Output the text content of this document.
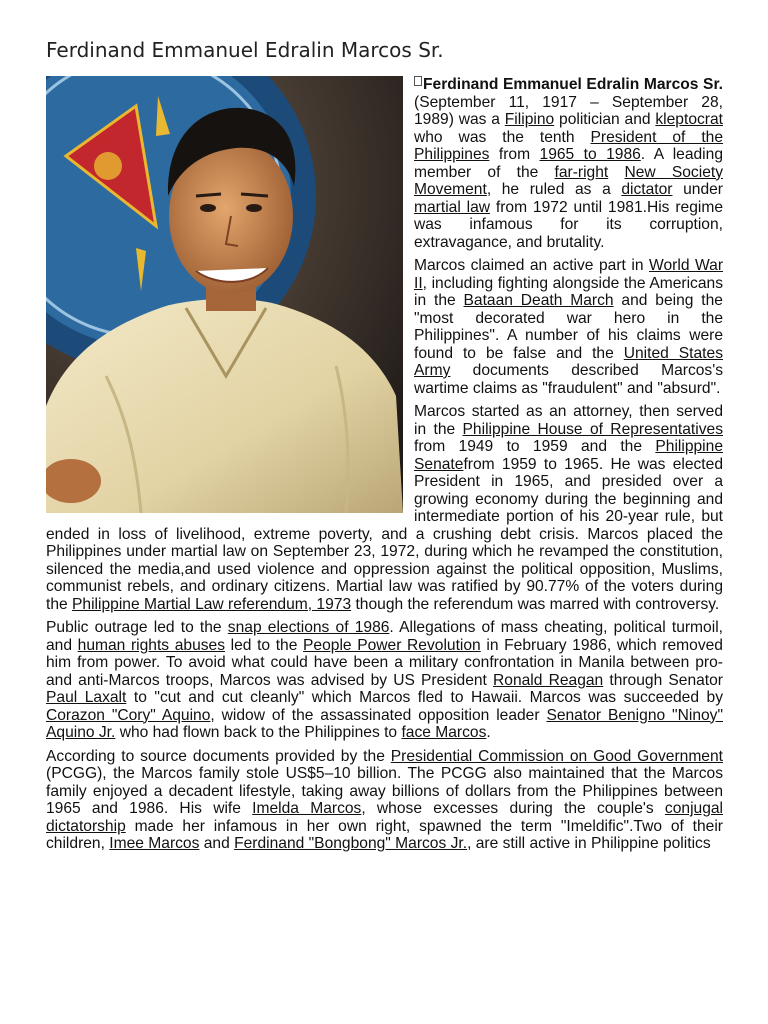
Ferdinand Emmanuel Edralin Marcos Sr.

Ferdinand Emmanuel Edralin Marcos Sr. (September 11, 1917 – September 28, 1989) was a Filipino politician and kleptocrat who was the tenth President of the Philippines from 1965 to 1986. A leading member of the far-right New Society Movement, he ruled as a dictator under martial law from 1972 until 1981.His regime was infamous for its corruption, extravagance, and brutality.

Marcos claimed an active part in World War II, including fighting alongside the Americans in the Bataan Death March and being the "most decorated war hero in the Philippines". A number of his claims were found to be false and the United States Army documents described Marcos's wartime claims as "fraudulent" and "absurd".

Marcos started as an attorney, then served in the Philippine House of Representatives from 1949 to 1959 and the Philippine Senatefrom 1959 to 1965. He was elected President in 1965, and presided over a growing economy during the beginning and intermediate portion of his 20-year rule, but ended in loss of livelihood, extreme poverty, and a crushing debt crisis. Marcos placed the Philippines under martial law on September 23, 1972, during which he revamped the constitution, silenced the media,and used violence and oppression against the political opposition, Muslims, communist rebels, and ordinary citizens. Martial law was ratified by 90.77% of the voters during the Philippine Martial Law referendum, 1973 though the referendum was marred with controversy.

Public outrage led to the snap elections of 1986. Allegations of mass cheating, political turmoil, and human rights abuses led to the People Power Revolution in February 1986, which removed him from power. To avoid what could have been a military confrontation in Manila between pro- and anti-Marcos troops, Marcos was advised by US President Ronald Reagan through Senator Paul Laxalt to "cut and cut cleanly" which Marcos fled to Hawaii. Marcos was succeeded by Corazon "Cory" Aquino, widow of the assassinated opposition leader Senator Benigno "Ninoy" Aquino Jr. who had flown back to the Philippines to face Marcos.

According to source documents provided by the Presidential Commission on Good Government (PCGG), the Marcos family stole US$5–10 billion. The PCGG also maintained that the Marcos family enjoyed a decadent lifestyle, taking away billions of dollars from the Philippines between 1965 and 1986. His wife Imelda Marcos, whose excesses during the couple's conjugal dictatorship made her infamous in her own right, spawned the term "Imeldific".Two of their children, Imee Marcos and Ferdinand "Bongbong" Marcos Jr., are still active in Philippine politics
